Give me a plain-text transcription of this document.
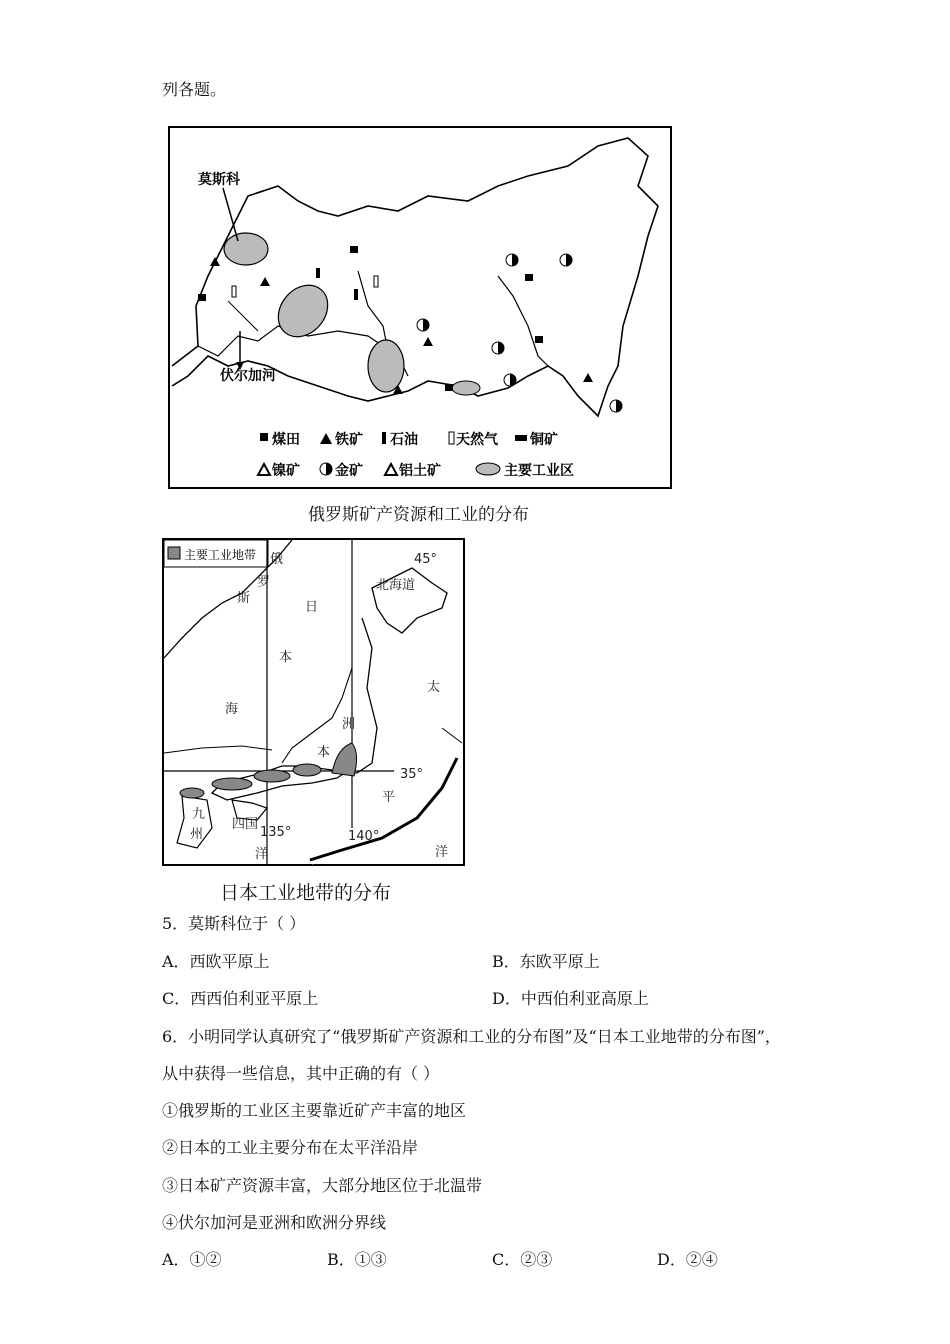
列各题。
莫斯科
伏尔加河
煤田	铁矿 石油	天然气 铜矿
镍矿	金矿	铝土矿	主要工业区
俄罗斯矿产资源和工业的分布
主要工业地带 俄
罗
斯
北海道
日
本
海
洲
本
太
平
洋	洋
四国
九
州
45°
35°
135°	140°
日本工业地带的分布
5．莫斯科位于（ ）
A．西欧平原上	B．东欧平原上
C．西西伯利亚平原上	D．中西伯利亚高原上
6．小明同学认真研究了“俄罗斯矿产资源和工业的分布图”及“日本工业地带的分布图”，
从中获得一些信息，其中正确的有（ ）
①俄罗斯的工业区主要靠近矿产丰富的地区
②日本的工业主要分布在太平洋沿岸
③日本矿产资源丰富，大部分地区位于北温带
④伏尔加河是亚洲和欧洲分界线
A．①②	B．①③	C．②③	D．②④
